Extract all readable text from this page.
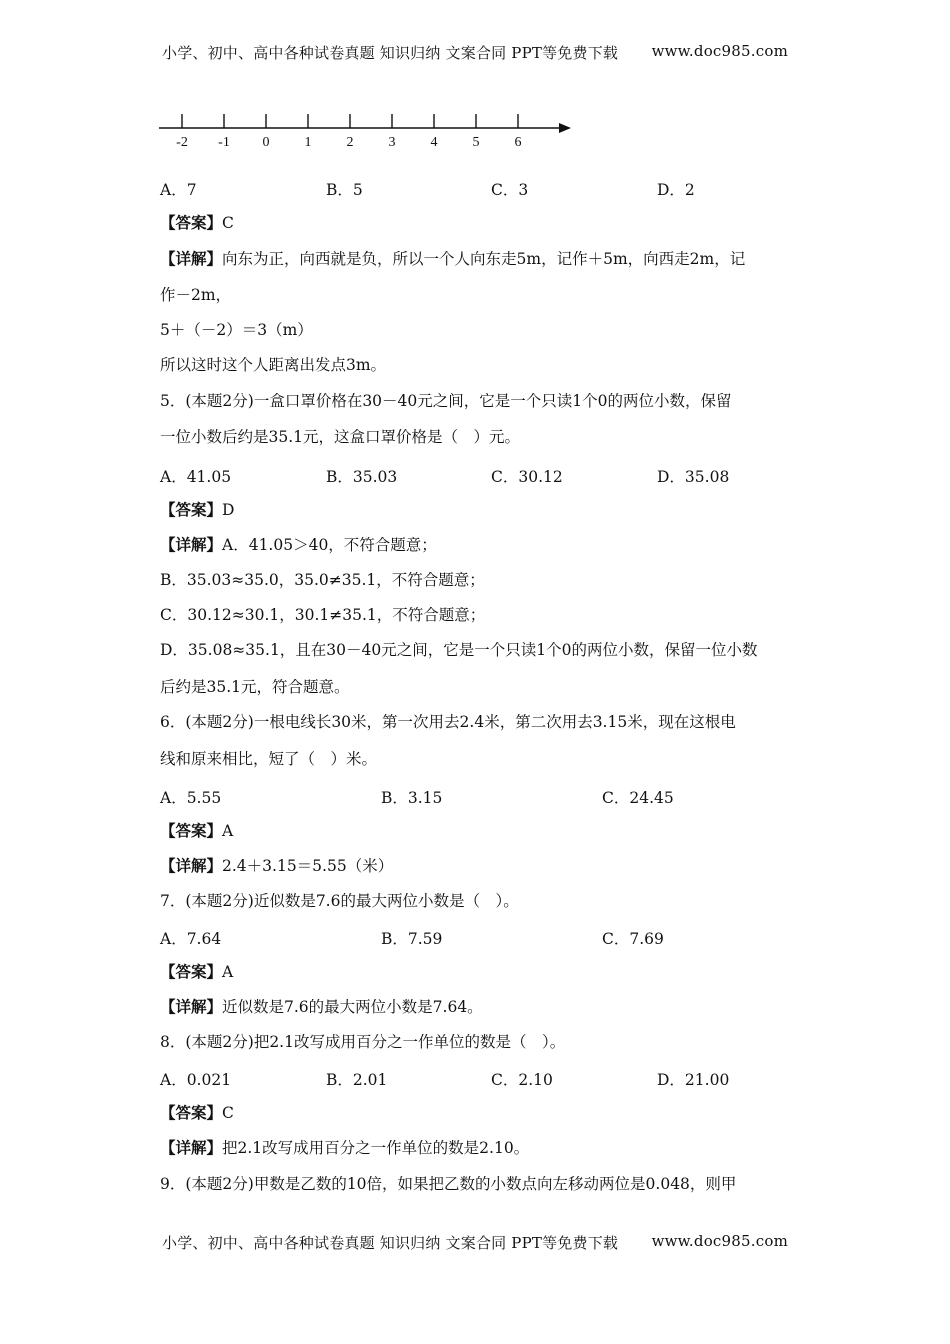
小学、初中、高中各种试卷真题 知识归纳 文案合同 PPT等免费下载 www.doc985.com
-2 -1 0	1	2	3	4	5	6
A．7	B．5	C．3	D．2
【答案】C
【详解】向东为正，向西就是负，所以一个人向东走5m，记作＋5m，向西走2m，记
作－2m，
5＋（－2）＝3（m）
所以这时这个人距离出发点3m。
5．(本题2分)一盒口罩价格在30－40元之间，它是一个只读1个0的两位小数，保留
一位小数后约是35.1元，这盒口罩价格是（　）元。
A．41.05	B．35.03	C．30.12	D．35.08
【答案】D
【详解】A．41.05＞40，不符合题意；
B．35.03≈35.0，35.0≠35.1，不符合题意；
C．30.12≈30.1，30.1≠35.1，不符合题意；
D．35.08≈35.1，且在30－40元之间，它是一个只读1个0的两位小数，保留一位小数
后约是35.1元，符合题意。
6．(本题2分)一根电线长30米，第一次用去2.4米，第二次用去3.15米，现在这根电
线和原来相比，短了（　）米。
A．5.55	B．3.15	C．24.45
【答案】A
【详解】2.4＋3.15＝5.55（米）
7．(本题2分)近似数是7.6的最大两位小数是（　）。
A．7.64	B．7.59	C．7.69
【答案】A
【详解】近似数是7.6的最大两位小数是7.64。
8．(本题2分)把2.1改写成用百分之一作单位的数是（　）。
A．0.021	B．2.01	C．2.10	D．21.00
【答案】C
【详解】把2.1改写成用百分之一作单位的数是2.10。
9．(本题2分)甲数是乙数的10倍，如果把乙数的小数点向左移动两位是0.048，则甲
小学、初中、高中各种试卷真题 知识归纳 文案合同 PPT等免费下载 www.doc985.com
